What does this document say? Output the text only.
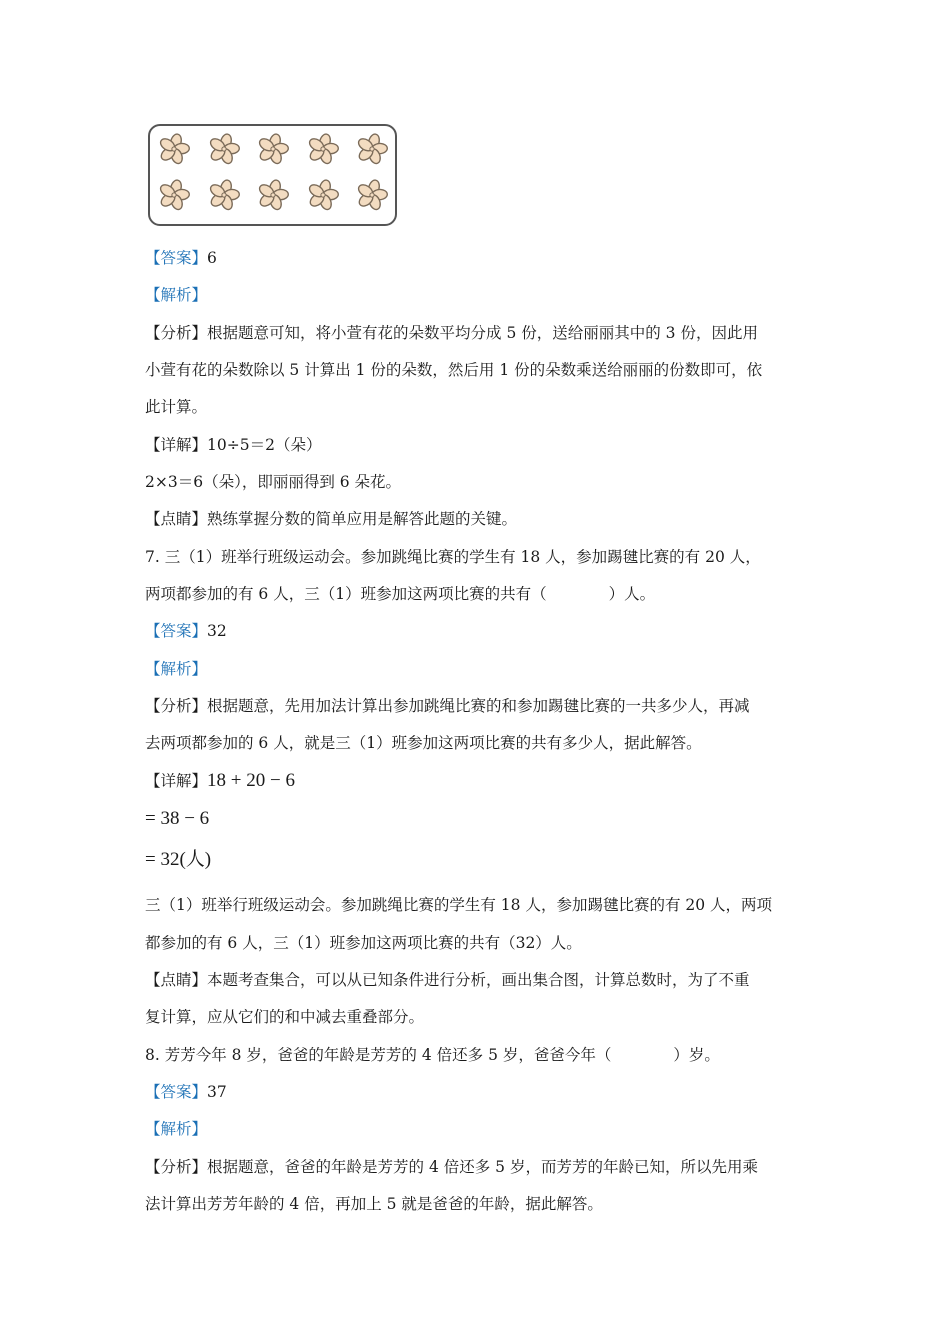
【答案】6
【解析】
【分析】根据题意可知，将小萱有花的朵数平均分成 5 份，送给丽丽其中的 3 份，因此用
小萱有花的朵数除以 5 计算出 1 份的朵数，然后用 1 份的朵数乘送给丽丽的份数即可，依
此计算。
【详解】10÷5＝2（朵）
2×3＝6（朵），即丽丽得到 6 朵花。
【点睛】熟练掌握分数的简单应用是解答此题的关键。
7. 三（1）班举行班级运动会。参加跳绳比赛的学生有 18 人，参加踢毽比赛的有 20 人，
两项都参加的有 6 人，三（1）班参加这两项比赛的共有（　　　　）人。
【答案】32
【解析】
【分析】根据题意，先用加法计算出参加跳绳比赛的和参加踢毽比赛的一共多少人，再减
去两项都参加的 6 人，就是三（1）班参加这两项比赛的共有多少人，据此解答。
【详解】18 + 20 − 6
= 38 − 6
= 32(人)
三（1）班举行班级运动会。参加跳绳比赛的学生有 18 人，参加踢毽比赛的有 20 人，两项
都参加的有 6 人，三（1）班参加这两项比赛的共有（32）人。
【点睛】本题考查集合，可以从已知条件进行分析，画出集合图，计算总数时，为了不重
复计算，应从它们的和中减去重叠部分。
8. 芳芳今年 8 岁，爸爸的年龄是芳芳的 4 倍还多 5 岁，爸爸今年（　　　　）岁。
【答案】37
【解析】
【分析】根据题意，爸爸的年龄是芳芳的 4 倍还多 5 岁，而芳芳的年龄已知，所以先用乘
法计算出芳芳年龄的 4 倍，再加上 5 就是爸爸的年龄，据此解答。
